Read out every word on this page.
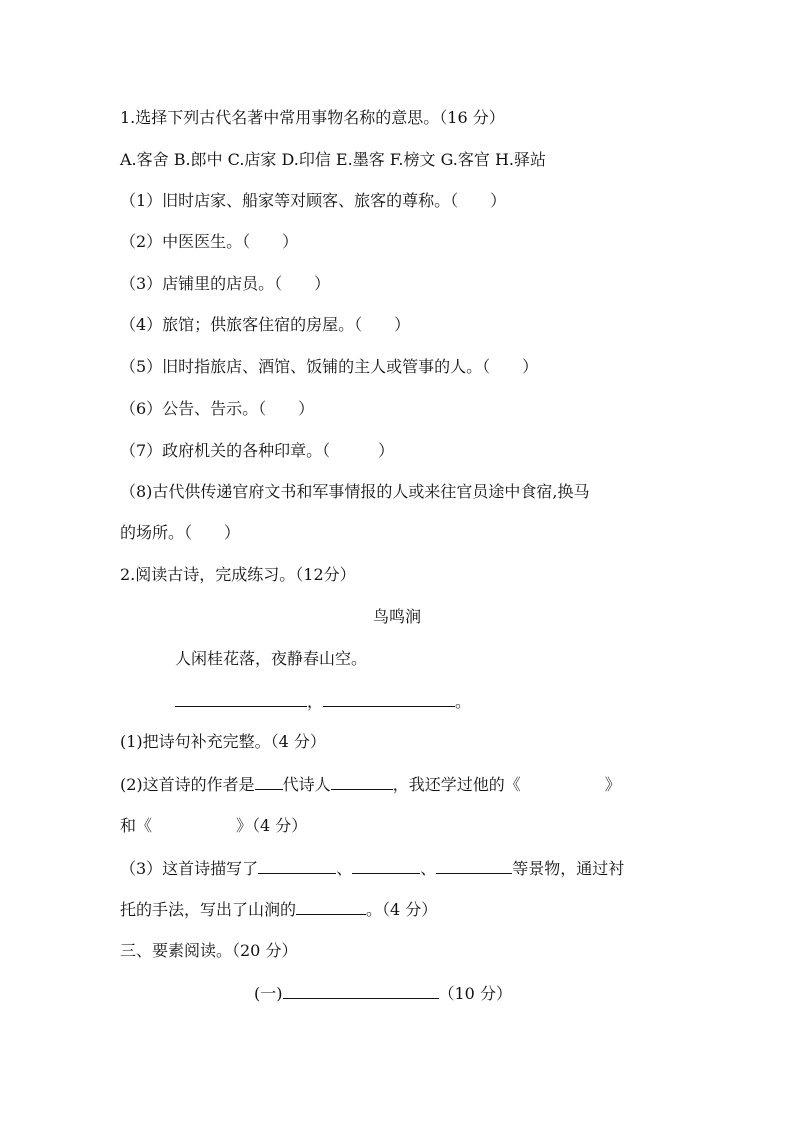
1.选择下列古代名著中常用事物名称的意思。（16 分）
A.客舍 B.郎中 C.店家 D.印信 E.墨客 F.榜文 G.客官 H.驿站
（1）旧时店家、船家等对顾客、旅客的尊称。（　　）
（2）中医医生。（　　）
（3）店铺里的店员。（　　）
（4）旅馆；供旅客住宿的房屋。（　　）
（5）旧时指旅店、酒馆、饭铺的主人或管事的人。（　　）
（6）公告、告示。（　　）
（7）政府机关的各种印章。（　　　）
（8)古代供传递官府文书和军事情报的人或来往官员途中食宿,换马
的场所。（　　）
2.阅读古诗，完成练习。（12分）
鸟鸣涧
人闲桂花落，夜静春山空。
，	。
(1)把诗句补充完整。（4 分）
(2)这首诗的作者是 代诗人	，我还学过他的《	》
和《	》（4 分）
（3）这首诗描写了	、	、	等景物，通过衬
托的手法，写出了山涧的	。（4 分）
三、要素阅读。（20 分）
(一)	（10 分）
